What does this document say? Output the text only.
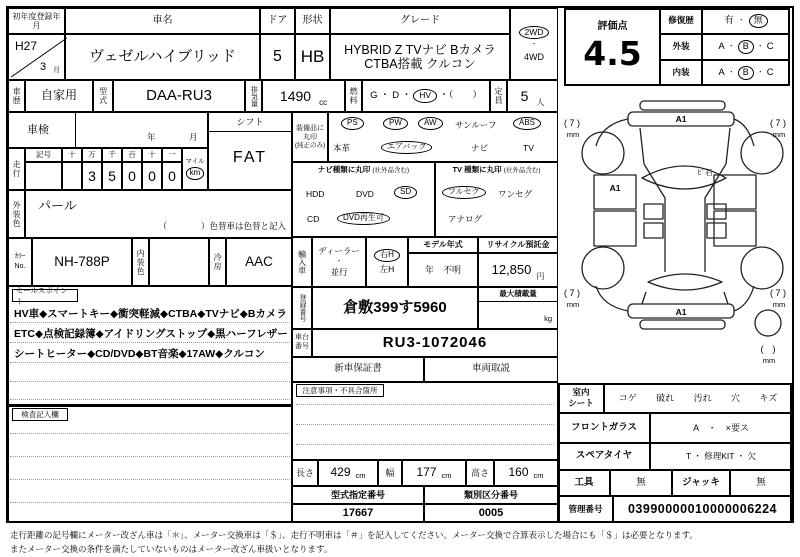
初年度登録年月	車名	ドア 形状	グレード
2WD
・
4WD
H27
3 月
ヴェゼルハイブリッド	5	HB	HYBRID Z TVナビ Bカメラ
CTBA搭載 クルコン
車歴	自家用	型式	DAA-RU3	排気量	1490 cc	燃料	G ・ D ・ HV ・（　　）	定員 5 人
車検
年	月
シフト
FAT
装備品に
丸印
(純正のみ)
PS	PW	AW	サンルーフ	ABS
本革	エアバック	ナビ	TV
走行
記号	十	万	千	百	十	一
3 5 0 0 0
マイル
km
外装色	パール
（　　　　）色替車は色替と記入
ｶﾗｰ
No.	NH-788P	内装色	冷房	AAC
セールスポイント
HV車◆スマートキー◆衝突軽減◆CTBA◆TVナビ◆Bカメラ
ETC◆点検記録簿◆アイドリングストップ◆黒ハーフレザー
シートヒーター◆CD/DVD◆BT音楽◆17AW◆クルコン
検査記入欄
ナビ種類に丸印 (社外品含む)
HDD	DVD	SD
CD	DVD再生可
TV 種類に丸印 (社外品含む)
フルセグ	ワンセグ
アナログ
輸入車	ディーラー
・
並行
右H
左H
モデル年式
年　不明
リサイクル預託金
12,850 円
登録番号	倉敷399す5960
最大積載量
kg
車台
番号	RU3-1072046
新車保証書	車両取説
注意事項・不具合箇所
長さ	429 cm	幅	177 cm	高さ	160 cm
型式指定番号
17667
類別区分番号
0005
評価点
4.5
修復歴	有 ・	無
外装	A ・ B	・ C
内装	A ・ B	・ C
A1
A1
A1
ﾋﾞ石
( 7 )
mm
( 7 )
mm
( 7 )
mm
( 7 )
mm
(　)
mm
室内
シート
コゲ 破れ 汚れ 穴 キズ
フロントガラス	A　・　×要ス
スペアタイヤ	T ・ 修理KIT ・ 欠
工具	無	ジャッキ	無
管理番号	03990000010000006224
走行距離の記号欄にメーター改ざん車は「＊」、メーター交換車は「＄」、走行不明車は「＃」を記入してください。メーター交換で合算表示した場合にも「＄」は必要となります。
またメーター交換の条件を満たしていないものはメーター改ざん車扱いとなります。
